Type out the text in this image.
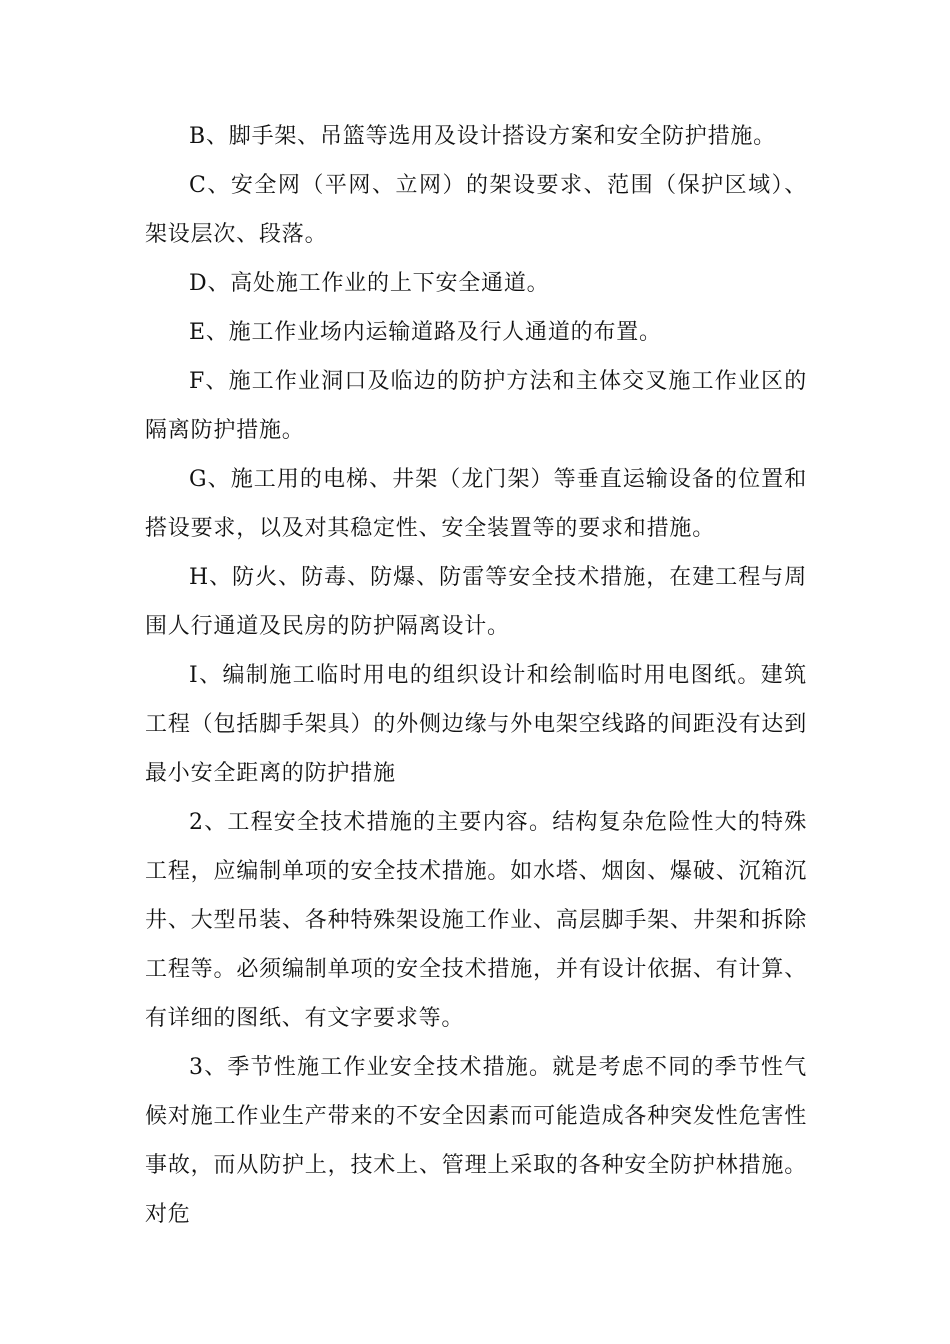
B、脚手架、吊篮等选用及设计搭设方案和安全防护措施。

C、安全网（平网、立网）的架设要求、范围（保护区域）、架设层次、段落。

D、高处施工作业的上下安全通道。

E、施工作业场内运输道路及行人通道的布置。

F、施工作业洞口及临边的防护方法和主体交叉施工作业区的隔离防护措施。

G、施工用的电梯、井架（龙门架）等垂直运输设备的位置和搭设要求，以及对其稳定性、安全装置等的要求和措施。

H、防火、防毒、防爆、防雷等安全技术措施，在建工程与周围人行通道及民房的防护隔离设计。

I、编制施工临时用电的组织设计和绘制临时用电图纸。建筑工程（包括脚手架具）的外侧边缘与外电架空线路的间距没有达到最小安全距离的防护措施

2、工程安全技术措施的主要内容。结构复杂危险性大的特殊工程，应编制单项的安全技术措施。如水塔、烟囱、爆破、沉箱沉井、大型吊装、各种特殊架设施工作业、高层脚手架、井架和拆除工程等。必须编制单项的安全技术措施，并有设计依据、有计算、有详细的图纸、有文字要求等。

3、季节性施工作业安全技术措施。就是考虑不同的季节性气候对施工作业生产带来的不安全因素而可能造成各种突发性危害性事故，而从防护上，技术上、管理上采取的各种安全防护林措施。对危
